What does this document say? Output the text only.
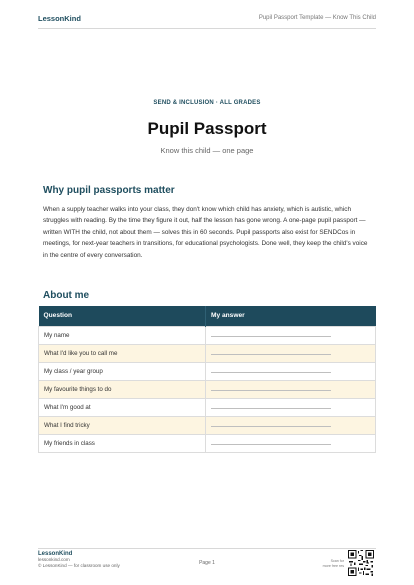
LessonKind	Pupil Passport Template — Know This Child
SEND & INCLUSION · ALL GRADES
Pupil Passport
Know this child — one page
Why pupil passports matter

When a supply teacher walks into your class, they don't know which child has anxiety, which is autistic, which struggles with reading. By the time they figure it out, half the lesson has gone wrong. A one-page pupil passport — written WITH the child, not about them — solves this in 60 seconds. Pupil passports also exist for SENDCos in meetings, for next-year teachers in transitions, for educational psychologists. Done well, they keep the child's voice in the centre of every conversation.

About me
Question	My answer
My name	
What I'd like you to call me	
My class / year group	
My favourite things to do	
What I'm good at	
What I find tricky	
My friends in class	
LessonKind
lessonkind.com
© LessonKind — for classroom use only	Page 1	Scan for
more free res
